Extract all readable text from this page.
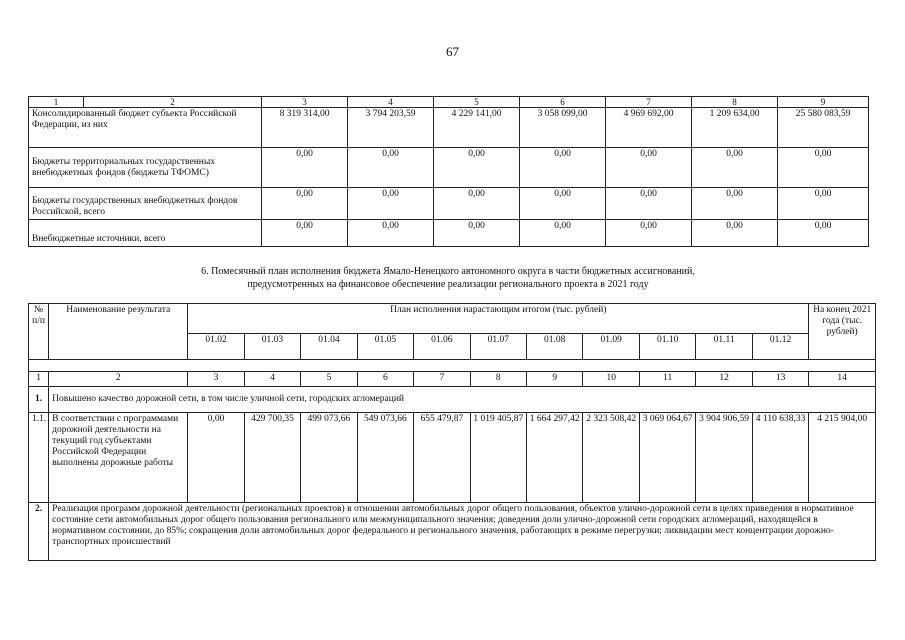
67
1	2	3	4	5	6	7	8	9
Консолидированный бюджет субъекта Российской Федерации, из них		8 319 314,00	3 794 203,59	4 229 141,00	3 058 099,00	4 969 692,00	1 209 634,00	25 580 083,59
Бюджеты территориальных государственных внебюджетных фондов (бюджеты ТФОМС)		0,00	0,00	0,00	0,00	0,00	0,00	0,00
Бюджеты государственных внебюджетных фондов Российской, всего		0,00	0,00	0,00	0,00	0,00	0,00	0,00
Внебюджетные источники, всего		0,00	0,00	0,00	0,00	0,00	0,00	0,00
6. Помесячный план исполнения бюджета Ямало-Ненецкого автономного округа в части бюджетных ассигнований,
предусмотренных на финансовое обеспечение реализации регионального проекта в 2021 году
№ п/п	Наименование результата	План исполнения нарастающим итогом (тыс. рублей)											На конец 2021 года (тыс. рублей)
		01.02	01.03	01.04	01.05	01.06	01.07	01.08	01.09	01.10	01.11	01.12	

1	2	3	4	5	6	7	8	9	10	11	12	13	14
1.	Повышено качество дорожной сети, в том числе уличной сети, городских агломераций												
1.1.	В соответствии с программами дорожной деятельности на текущий год субъектами Российской Федерации выполнены дорожные работы	0,00	429 700,35	499 073,66	549 073,66	655 479,87	1 019 405,87	1 664 297,42	2 323 508,42	3 069 064,67	3 904 906,59	4 110 638,33	4 215 904,00
2.	Реализация программ дорожной деятельности (региональных проектов) в отношении автомобильных дорог общего пользования, объектов улично-дорожной сети в целях приведения в нормативное состояние сети автомобильных дорог общего пользования регионального или межмуниципального значения; доведения доли улично-дорожной сети городских агломераций, находящейся в нормативном состоянии, до 85%; сокращения доли автомобильных дорог федерального и регионального значения, работающих в режиме перегрузки; ликвидации мест концентрации дорожно-транспортных происшествий												
